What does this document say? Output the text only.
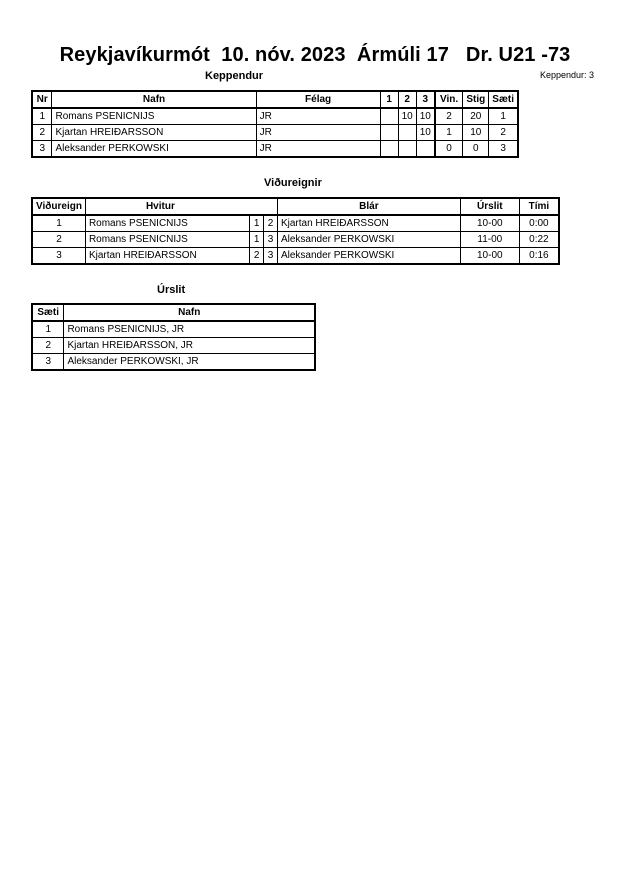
Reykjavíkurmót  10. nóv. 2023  Ármúli 17   Dr. U21 -73
Keppendur	Keppendur: 3
Nr	Nafn	Félag	1	2	3	Vin.	Stig	Sæti
1	Romans PSENICNIJS	JR		10	10	2	20	1
2	Kjartan HREIÐARSSON	JR			10	1	10	2
3	Aleksander PERKOWSKI	JR				0	0	3
Viðureignir
Viðureign	Hvitur			Blár	Úrslit	Tími
1	Romans PSENICNIJS	1	2	Kjartan HREIÐARSSON	10-00	0:00
2	Romans PSENICNIJS	1	3	Aleksander PERKOWSKI	11-00	0:22
3	Kjartan HREIÐARSSON	2	3	Aleksander PERKOWSKI	10-00	0:16
Úrslit
Sæti	Nafn
1	Romans PSENICNIJS, JR
2	Kjartan HREIÐARSSON, JR
3	Aleksander PERKOWSKI, JR
